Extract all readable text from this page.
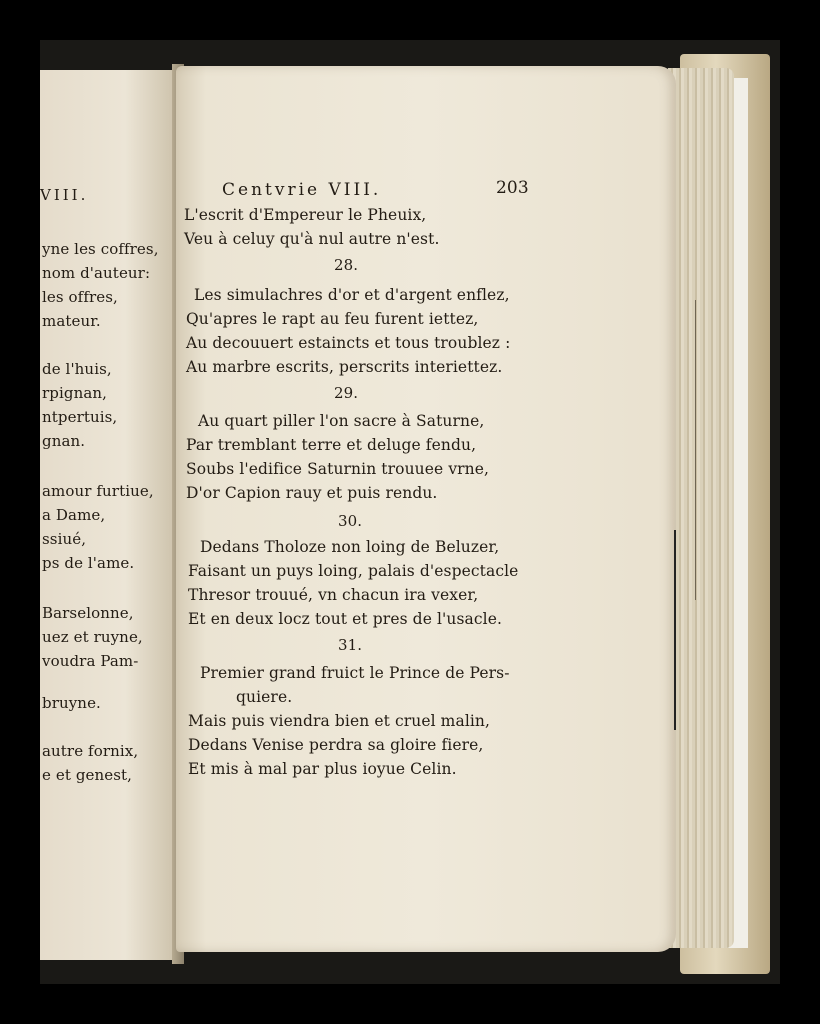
VIII.
yne les coffres,
nom d'auteur:
les offres,
mateur.
de l'huis,
rpignan,
ntpertuis,
gnan.
amour furtiue,
a Dame,
ssiué,
ps de l'ame.
Barselonne,
uez et ruyne,
voudra Pam-
bruyne.
autre fornix,
e et genest,
Centvrie VIII.	203
L'escrit d'Empereur le Pheuix,
Veu à celuy qu'à nul autre n'est.
28.
Les simulachres d'or et d'argent enflez,
Qu'apres le rapt au feu furent iettez,
Au decouuert estaincts et tous troublez :
Au marbre escrits, perscrits interiettez.
29.
Au quart piller l'on sacre à Saturne,
Par tremblant terre et deluge fendu,
Soubs l'edifice Saturnin trouuee vrne,
D'or Capion rauy et puis rendu.
30.
Dedans Tholoze non loing de Beluzer,
Faisant un puys loing, palais d'espectacle
Thresor trouué, vn chacun ira vexer,
Et en deux locz tout et pres de l'usacle.
31.
Premier grand fruict le Prince de Pers-
quiere.
Mais puis viendra bien et cruel malin,
Dedans Venise perdra sa gloire fiere,
Et mis à mal par plus ioyue Celin.
